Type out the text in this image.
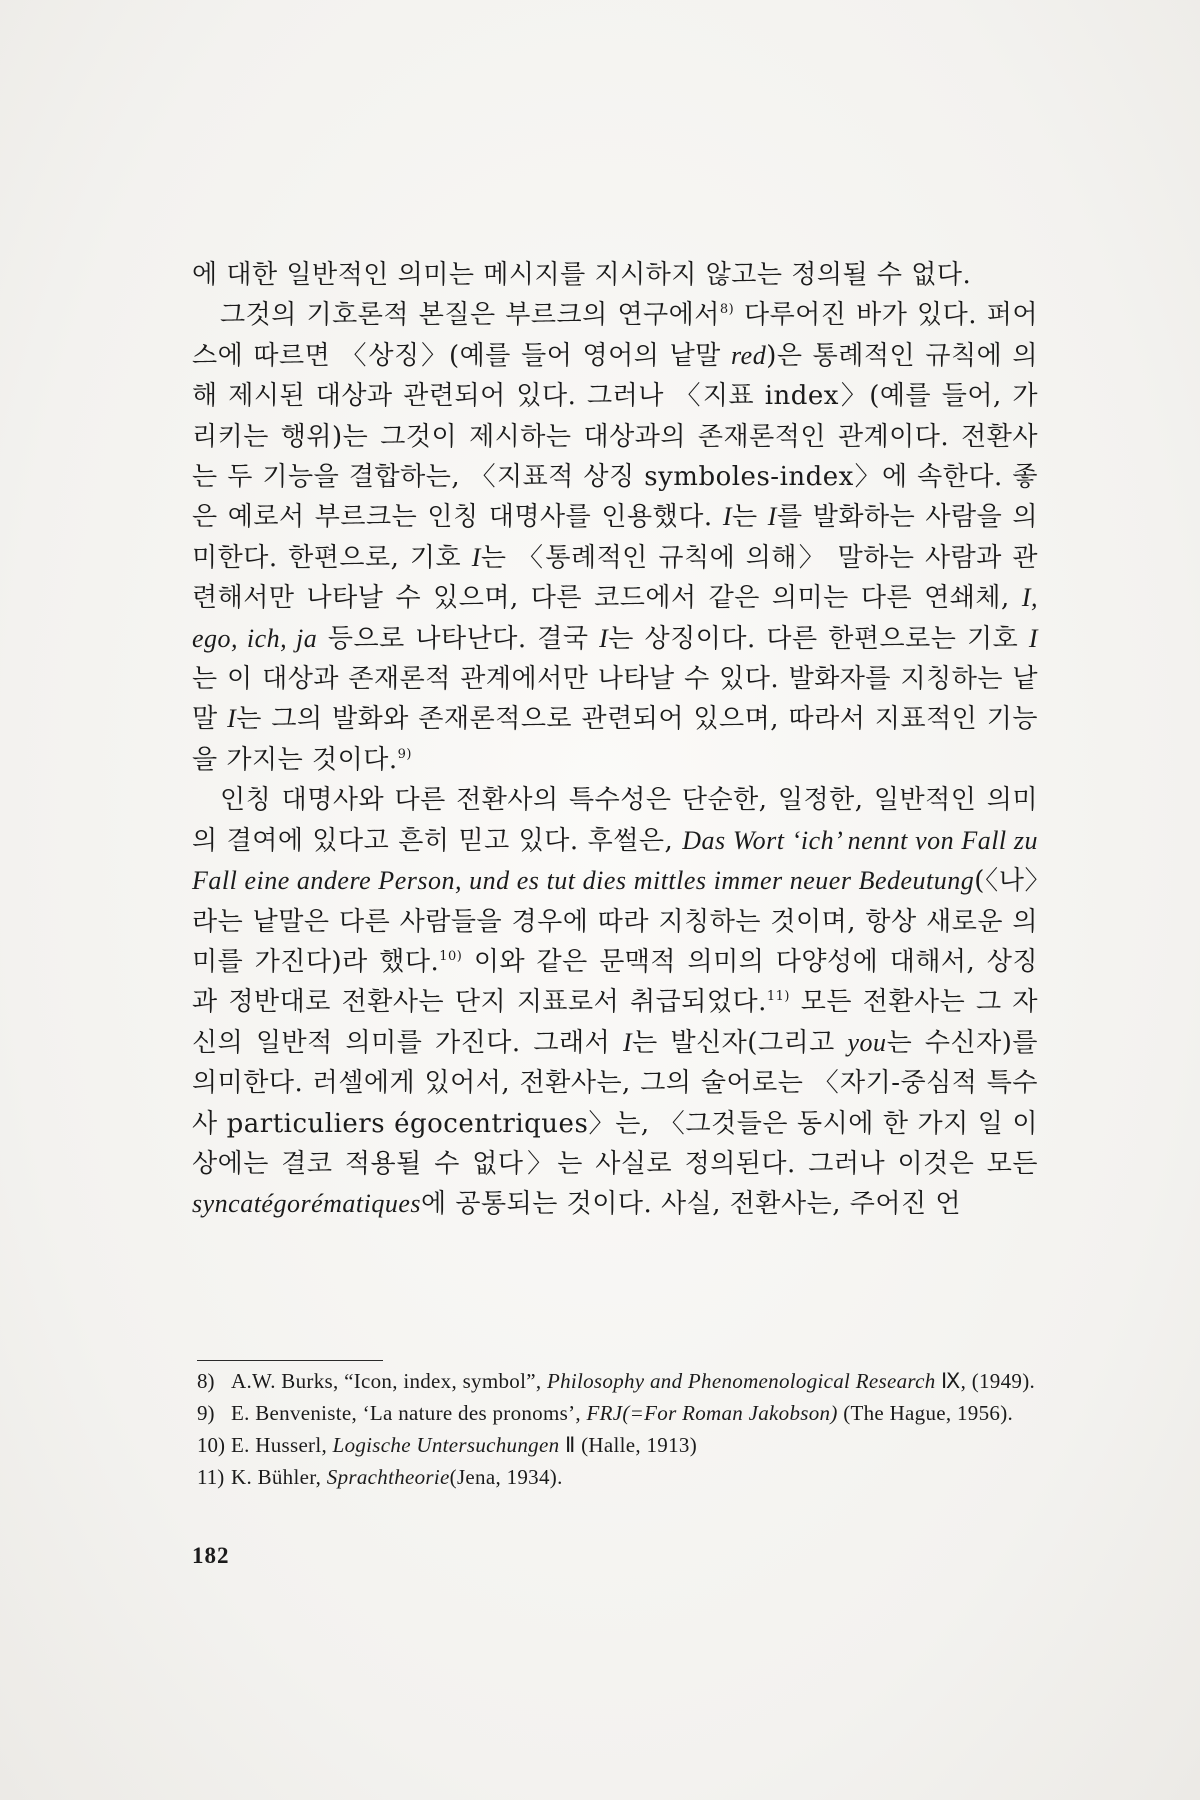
에 대한 일반적인 의미는 메시지를 지시하지 않고는 정의될 수 없다.

그것의 기호론적 본질은 부르크의 연구에서$^{8)}$ 다루어진 바가 있다. 퍼어스에 따르면 〈상징〉(예를 들어 영어의 낱말 red)은 통례적인 규칙에 의해 제시된 대상과 관련되어 있다. 그러나 〈지표 index〉(예를 들어, 가리키는 행위)는 그것이 제시하는 대상과의 존재론적인 관계이다. 전환사는 두 기능을 결합하는, 〈지표적 상징 symboles-index〉에 속한다. 좋은 예로서 부르크는 인칭 대명사를 인용했다. I는 I를 발화하는 사람을 의미한다. 한편으로, 기호 I는 〈통례적인 규칙에 의해〉 말하는 사람과 관련해서만 나타날 수 있으며, 다른 코드에서 같은 의미는 다른 연쇄체, I, ego, ich, ja 등으로 나타난다. 결국 I는 상징이다. 다른 한편으로는 기호 I는 이 대상과 존재론적 관계에서만 나타날 수 있다. 발화자를 지칭하는 낱말 I는 그의 발화와 존재론적으로 관련되어 있으며, 따라서 지표적인 기능을 가지는 것이다.$^{9)}$

인칭 대명사와 다른 전환사의 특수성은 단순한, 일정한, 일반적인 의미의 결여에 있다고 흔히 믿고 있다. 후썰은, Das Wort ‘ich’ nennt von Fall zu Fall eine andere Person, und es tut dies mittles immer neuer Bedeutung(〈나〉라는 낱말은 다른 사람들을 경우에 따라 지칭하는 것이며, 항상 새로운 의미를 가진다)라 했다.$^{10)}$ 이와 같은 문맥적 의미의 다양성에 대해서, 상징과 정반대로 전환사는 단지 지표로서 취급되었다.$^{11)}$ 모든 전환사는 그 자신의 일반적 의미를 가진다. 그래서 I는 발신자(그리고 you는 수신자)를 의미한다. 러셀에게 있어서, 전환사는, 그의 술어로는 〈자기-중심적 특수사 particuliers égocentriques〉는, 〈그것들은 동시에 한 가지 일 이상에는 결코 적용될 수 없다〉는 사실로 정의된다. 그러나 이것은 모든 syncatégorématiques에 공통되는 것이다. 사실, 전환사는, 주어진 언

8) A.W. Burks, “Icon, index, symbol”, Philosophy and Phenomenological Research Ⅸ, (1949).
9) E. Benveniste, ‘La nature des pronoms’, FRJ(=For Roman Jakobson) (The Hague, 1956).
10) E. Husserl, Logische Untersuchungen Ⅱ (Halle, 1913)
11) K. Bühler, Sprachtheorie(Jena, 1934).
182
